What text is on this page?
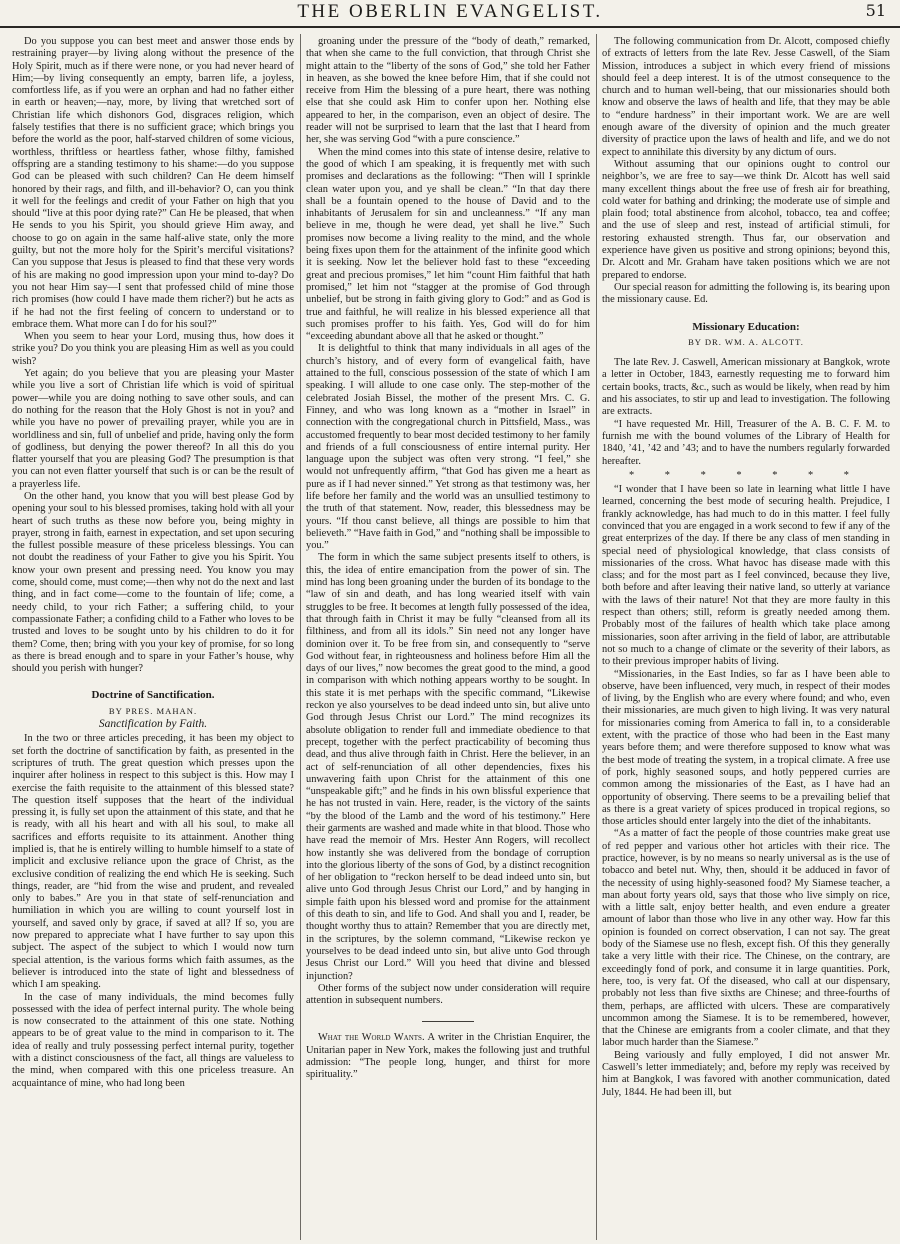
THE OBERLIN EVANGELIST.	51

Do you suppose you can best meet and answer those ends by restraining prayer—by living along without the presence of the Holy Spirit, much as if there were none, or you had never heard of Him;—by living consequently an empty, barren life, a joyless, comfortless life, as if you were an orphan and had no father either in earth or heaven;—nay, more, by living that wretched sort of Christian life which dishonors God, disgraces religion, which falsely testifies that there is no sufficient grace; which brings you before the world as the poor, half-starved children of some vicious, worthless, thriftless or heartless father, whose filthy, famished offspring are a standing testimony to his shame:—do you suppose God can be pleased with such children? Can He deem himself honored by their rags, and filth, and ill-behavior? O, can you think it well for the feelings and credit of your Father on high that you should “live at this poor dying rate?” Can He be pleased, that when He sends to you his Spirit, you should grieve Him away, and choose to go on again in the same half-alive state, only the more guilty, but not the more holy for the Spirit’s merciful visitations? Can you suppose that Jesus is pleased to find that these very words of his are making no good impression upon your mind to-day? Do you not hear Him say—I sent that professed child of mine those rich promises (how could I have made them richer?) but he acts as if he had not the first feeling of concern to understand or to embrace them. What more can I do for his soul?”

When you seem to hear your Lord, musing thus, how does it strike you? Do you think you are pleasing Him as well as you could wish?

Yet again; do you believe that you are pleasing your Master while you live a sort of Christian life which is void of spiritual power—while you are doing nothing to save other souls, and can do nothing for the reason that the Holy Ghost is not in you? and while you have no power of prevailing prayer, while you are in worldliness and sin, full of unbelief and pride, having only the form of godliness, but denying the power thereof? In all this do you flatter yourself that you are pleasing God? The presumption is that you can not even flatter yourself that such is or can be the result of a prayerless life.

On the other hand, you know that you will best please God by opening your soul to his blessed promises, taking hold with all your heart of such truths as these now before you, being mighty in prayer, strong in faith, earnest in expectation, and set upon securing the fullest possible measure of these priceless blessings. You can not doubt the readiness of your Father to give you his Spirit. You know your own present and pressing need. You know you may come, should come, must come;—then why not do the next and last thing, and in fact come—come to the fountain of life; come, a needy child, to your rich Father; a suffering child, to your compassionate Father; a confiding child to a Father who loves to be trusted and loves to be sought unto by his children to do it for them? Come, then; bring with you your key of promise, for so long as there is bread enough and to spare in your Father’s house, why should you perish with hunger?

Doctrine of Sanctification.

BY PRES. MAHAN.

Sanctification by Faith.

In the two or three articles preceding, it has been my object to set forth the doctrine of sanctification by faith, as presented in the scriptures of truth. The great question which presses upon the inquirer after holiness in respect to this subject is this. How may I exercise the faith requisite to the attainment of this blessed state? The question itself supposes that the heart of the individual pressing it, is fully set upon the attainment of this state, and that he is ready, with all his heart and with all his soul, to make all sacrifices and efforts requisite to its attainment. Another thing implied is, that he is entirely willing to humble himself to a state of implicit and exclusive reliance upon the grace of Christ, as the exclusive condition of realizing the end which He is seeking. Such things, reader, are “hid from the wise and prudent, and revealed only to babes.” Are you in that state of self-renunciation and humiliation in which you are willing to count yourself lost in yourself, and saved only by grace, if saved at all? If so, you are now prepared to appreciate what I have further to say upon this subject. The aspect of the subject to which I would now turn special attention, is the various forms which faith assumes, as the believer is introduced into the state of light and blessedness of which I am speaking.

In the case of many individuals, the mind becomes fully possessed with the idea of perfect internal purity. The whole being is now consecrated to the attainment of this one state. Nothing appears to be of great value to the mind in comparison to it. The idea of really and truly possessing perfect internal purity, together with a distinct consciousness of the fact, all things are valueless to the mind, when compared with this one priceless treasure. An acquaintance of mine, who had long been

groaning under the pressure of the “body of death,” remarked, that when she came to the full conviction, that through Christ she might attain to the “liberty of the sons of God,” she told her Father in heaven, as she bowed the knee before Him, that if she could not receive from Him the blessing of a pure heart, there was nothing else that she could ask Him to confer upon her. Nothing else appeared to her, in the comparison, even an object of desire. The reader will not be surprised to learn that the last that I heard from her, she was serving God “with a pure conscience.”

When the mind comes into this state of intense desire, relative to the good of which I am speaking, it is frequently met with such promises and declarations as the following: “Then will I sprinkle clean water upon you, and ye shall be clean.” “In that day there shall be a fountain opened to the house of David and to the inhabitants of Jerusalem for sin and uncleanness.” “If any man believe in me, though he were dead, yet shall he live.” Such promises now become a living reality to the mind, and the whole being fixes upon them for the attainment of the infinite good which it is seeking. Now let the believer hold fast to these “exceeding great and precious promises,” let him “count Him faithful that hath promised,” let him not “stagger at the promise of God through unbelief, but be strong in faith giving glory to God:” and as God is true and faithful, he will realize in his blessed experience all that such promises proffer to his faith. Yes, God will do for him “exceeding abundant above all that he asked or thought.”

It is delightful to think that many individuals in all ages of the church’s history, and of every form of evangelical faith, have attained to the full, conscious possession of the state of which I am speaking. I will allude to one case only. The step-mother of the celebrated Josiah Bissel, the mother of the present Mrs. C. G. Finney, and who was long known as a “mother in Israel” in connection with the congregational church in Pittsfield, Mass., was accustomed frequently to bear most decided testimony to her family and friends of a full consciousness of entire internal purity. Her language upon the subject was often very strong. “I feel,” she would not unfrequently affirm, “that God has given me a heart as pure as if I had never sinned.” Yet strong as that testimony was, her life before her family and the world was an unsullied testimony to the truth of that statement. Now, reader, this blessedness may be yours. “If thou canst believe, all things are possible to him that believeth.” “Have faith in God,” and “nothing shall be impossible to you.”

The form in which the same subject presents itself to others, is this, the idea of entire emancipation from the power of sin. The mind has long been groaning under the burden of its bondage to the “law of sin and death, and has long wearied itself with vain struggles to be free. It becomes at length fully possessed of the idea, that through faith in Christ it may be fully “cleansed from all its filthiness, and from all its idols.” Sin need not any longer have dominion over it. To be free from sin, and consequently to “serve God without fear, in righteousness and holiness before Him all the days of our lives,” now becomes the great good to the mind, a good in comparison with which nothing appears worthy to be sought. In this state it is met perhaps with the specific command, “Likewise reckon ye also yourselves to be dead indeed unto sin, but alive unto God through Jesus Christ our Lord.” The mind recognizes its absolute obligation to render full and immediate obedience to that precept, together with the perfect practicability of becoming thus dead, and thus alive through faith in Christ. Here the believer, in an act of self-renunciation of all other dependencies, fixes his unwavering faith upon Christ for the attainment of this one “unspeakable gift;” and he finds in his own blissful experience that he has not trusted in vain. Here, reader, is the victory of the saints “by the blood of the Lamb and the word of his testimony.” Here their garments are washed and made white in that blood. Those who have read the memoir of Mrs. Hester Ann Rogers, will recollect how instantly she was delivered from the bondage of corruption into the glorious liberty of the sons of God, by a distinct recognition of her obligation to “reckon herself to be dead indeed unto sin, but alive unto God through Jesus Christ our Lord,” and by hanging in simple faith upon his blessed word and promise for the attainment of this death to sin, and life to God. And shall you and I, reader, be thought worthy thus to attain? Remember that you are directly met, in the scriptures, by the solemn command, “Likewise reckon ye yourselves to be dead indeed unto sin, but alive unto God through Jesus Christ our Lord.” Will you heed that divine and blessed injunction?

Other forms of the subject now under consideration will require attention in subsequent numbers.

What the World Wants. A writer in the Christian Enquirer, the Unitarian paper in New York, makes the following just and truthful admission: “The people long, hunger, and thirst for more spirituality.”

The following communication from Dr. Alcott, composed chiefly of extracts of letters from the late Rev. Jesse Caswell, of the Siam Mission, introduces a subject in which every friend of missions should feel a deep interest. It is of the utmost consequence to the church and to human well-being, that our missionaries should both know and observe the laws of health and life, that they may be able to “endure hardness” in their important work. We are are well enough aware of the diversity of opinion and the much greater diversity of practice upon the laws of health and life, and we do not expect to annihilate this diversity by any dictum of ours.

Without assuming that our opinions ought to control our neighbor’s, we are free to say—we think Dr. Alcott has well said many excellent things about the free use of fresh air for breathing, cold water for bathing and drinking; the moderate use of simple and plain food; total abstinence from alcohol, tobacco, tea and coffee; and the use of sleep and rest, instead of artificial stimuli, for restoring exhausted strength. Thus far, our observation and experience have given us positive and strong opinions; beyond this, Dr. Alcott and Mr. Graham have taken positions which we are not prepared to endorse.

Our special reason for admitting the following is, its bearing upon the missionary cause. Ed.

Missionary Education:

BY DR. WM. A. ALCOTT.

The late Rev. J. Caswell, American missionary at Bangkok, wrote a letter in October, 1843, earnestly requesting me to forward him certain books, tracts, &c., such as would be likely, when read by him and his associates, to stir up and lead to investigation. The following are extracts.

“I have requested Mr. Hill, Treasurer of the A. B. C. F. M. to furnish me with the bound volumes of the Library of Health for 1840, ’41, ’42 and ’43; and to have the numbers regularly forwarded hereafter.

* * * * * * *

“I wonder that I have been so late in learning what little I have learned, concerning the best mode of securing health. Prejudice, I frankly acknowledge, has had much to do in this matter. I feel fully convinced that you are engaged in a work second to few if any of the great enterprizes of the day. If there be any class of men standing in special need of physiological knowledge, that class consists of missionaries of the cross. What havoc has disease made with this class; and for the most part as I feel convinced, because they live, both before and after leaving their native land, so utterly at variance with the laws of their nature! Not that they are more faulty in this respect than others; still, reform is greatly needed among them. Probably most of the failures of health which take place among missionaries, soon after arriving in the field of labor, are attributable not so much to a change of climate or the severity of their labors, as to their previous improper habits of living.

“Missionaries, in the East Indies, so far as I have been able to observe, have been influenced, very much, in respect of their modes of living, by the English who are every where found; and who, even their missionaries, are much given to high living. It was very natural for missionaries coming from America to fall in, to a considerable extent, with the practice of those who had been in the East many years before them; and were therefore supposed to know what was the best mode of treating the system, in a tropical climate. A free use of pork, highly seasoned soups, and hotly peppered curries are common among the missionaries of the East, as I have had an opportunity of observing. There seems to be a prevailing belief that as there is a great variety of spices produced in tropical regions, so those articles should enter largely into the diet of the inhabitants.

“As a matter of fact the people of those countries make great use of red pepper and various other hot articles with their rice. The practice, however, is by no means so nearly universal as is the use of tobacco and betel nut. Why, then, should it be adduced in favor of the necessity of using highly-seasoned food? My Siamese teacher, a man about forty years old, says that those who live simply on rice, with a little salt, enjoy better health, and even endure a greater amount of labor than those who live in any other way. How far this opinion is founded on correct observation, I can not say. The great body of the Siamese use no flesh, except fish. Of this they generally take a very little with their rice. The Chinese, on the contrary, are exceedingly fond of pork, and consume it in large quantities. Pork, here, too, is very fat. Of the diseased, who call at our dispensary, probably not less than five sixths are Chinese; and three-fourths of them, perhaps, are afflicted with ulcers. These are comparatively uncommon among the Siamese. It is to be remembered, however, that the Chinese are emigrants from a cooler climate, and that they labor much harder than the Siamese.”

Being variously and fully employed, I did not answer Mr. Caswell’s letter immediately; and, before my reply was received by him at Bangkok, I was favored with another communication, dated July, 1844. He had been ill, but
